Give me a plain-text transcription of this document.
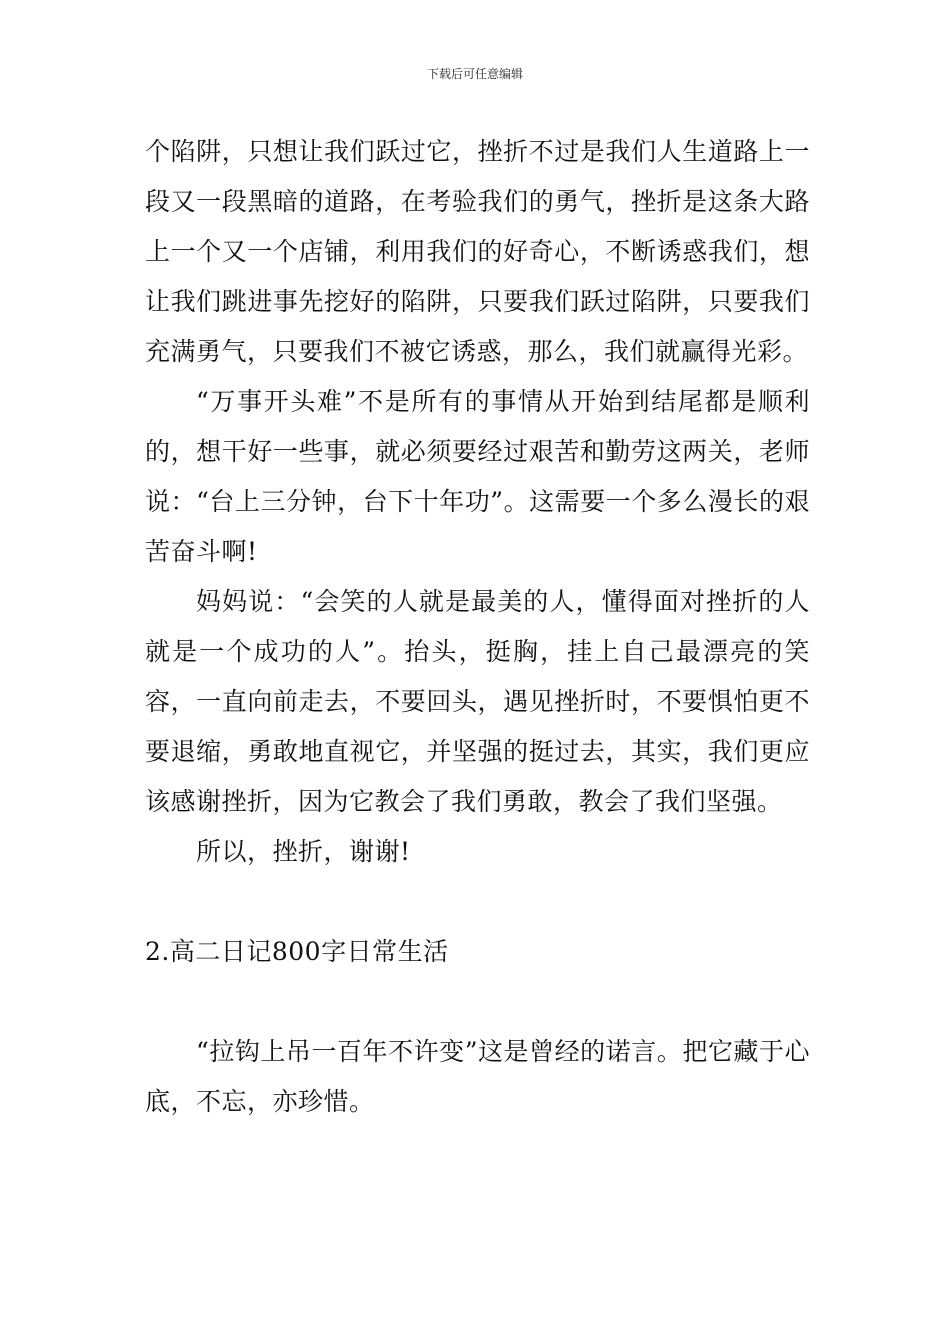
下载后可任意编辑

个陷阱，只想让我们跃过它，挫折不过是我们人生道路上一段又一段黑暗的道路，在考验我们的勇气，挫折是这条大路上一个又一个店铺，利用我们的好奇心，不断诱惑我们，想让我们跳进事先挖好的陷阱，只要我们跃过陷阱，只要我们充满勇气，只要我们不被它诱惑，那么，我们就赢得光彩。

“万事开头难”不是所有的事情从开始到结尾都是顺利的，想干好一些事，就必须要经过艰苦和勤劳这两关，老师说：“台上三分钟，台下十年功”。这需要一个多么漫长的艰苦奋斗啊!

妈妈说：“会笑的人就是最美的人，懂得面对挫折的人就是一个成功的人”。抬头，挺胸，挂上自己最漂亮的笑容，一直向前走去，不要回头，遇见挫折时，不要惧怕更不要退缩，勇敢地直视它，并坚强的挺过去，其实，我们更应该感谢挫折，因为它教会了我们勇敢，教会了我们坚强。

所以，挫折，谢谢!

2.高二日记800字日常生活

“拉钩上吊一百年不许变”这是曾经的诺言。把它藏于心底，不忘，亦珍惜。
